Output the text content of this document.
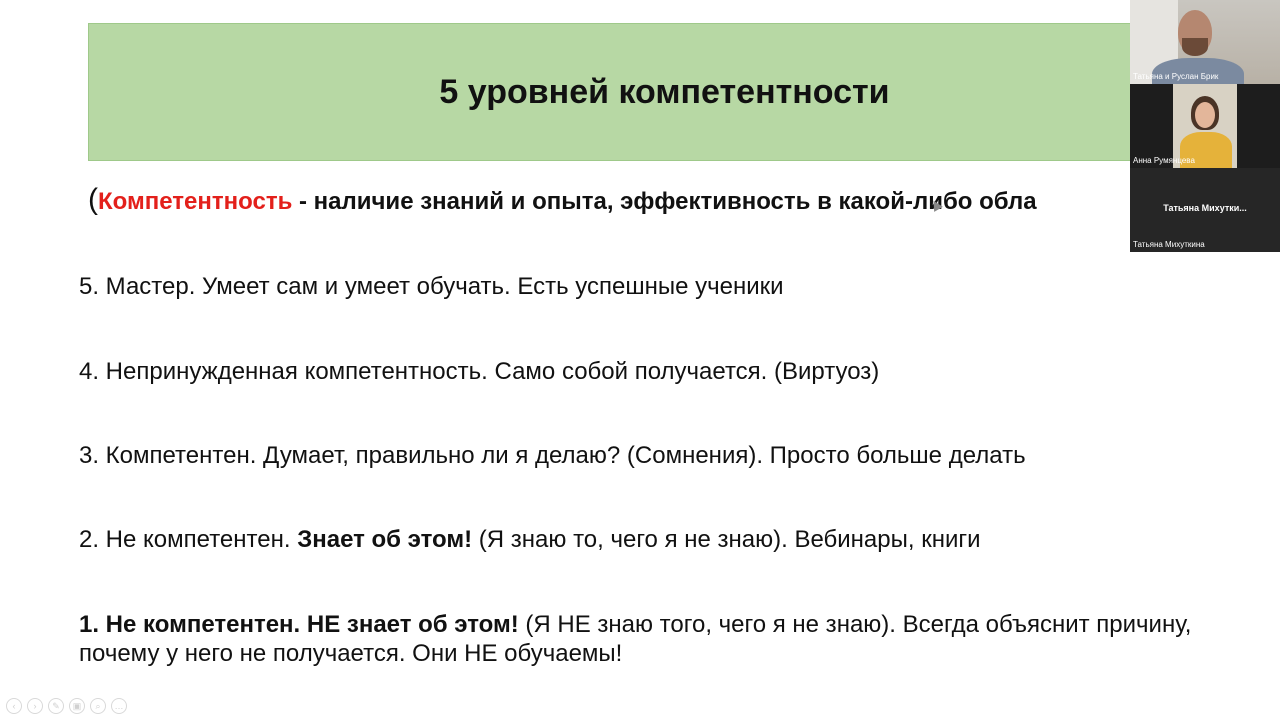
5 уровней компетентности
(Компетентность - наличие знаний и опыта, эффективность в какой-либо обла
5. Мастер. Умеет сам и умеет обучать. Есть успешные ученики
4. Непринужденная компетентность. Само собой получается. (Виртуоз)
3. Компетентен. Думает, правильно ли я делаю? (Сомнения). Просто больше делать
2. Не компетентен. Знает об этом! (Я знаю то, чего я не знаю). Вебинары, книги
1. Не компетентен. НЕ знает об этом! (Я НЕ знаю того, чего я не знаю). Всегда объяснит причину, почему у него не получается. Они НЕ обучаемы!
Татьяна и Руслан Брик
Анна Румянцева
Татьяна Михутки...
Татьяна Михуткина
‹	›	✎	▣	⌕	…
